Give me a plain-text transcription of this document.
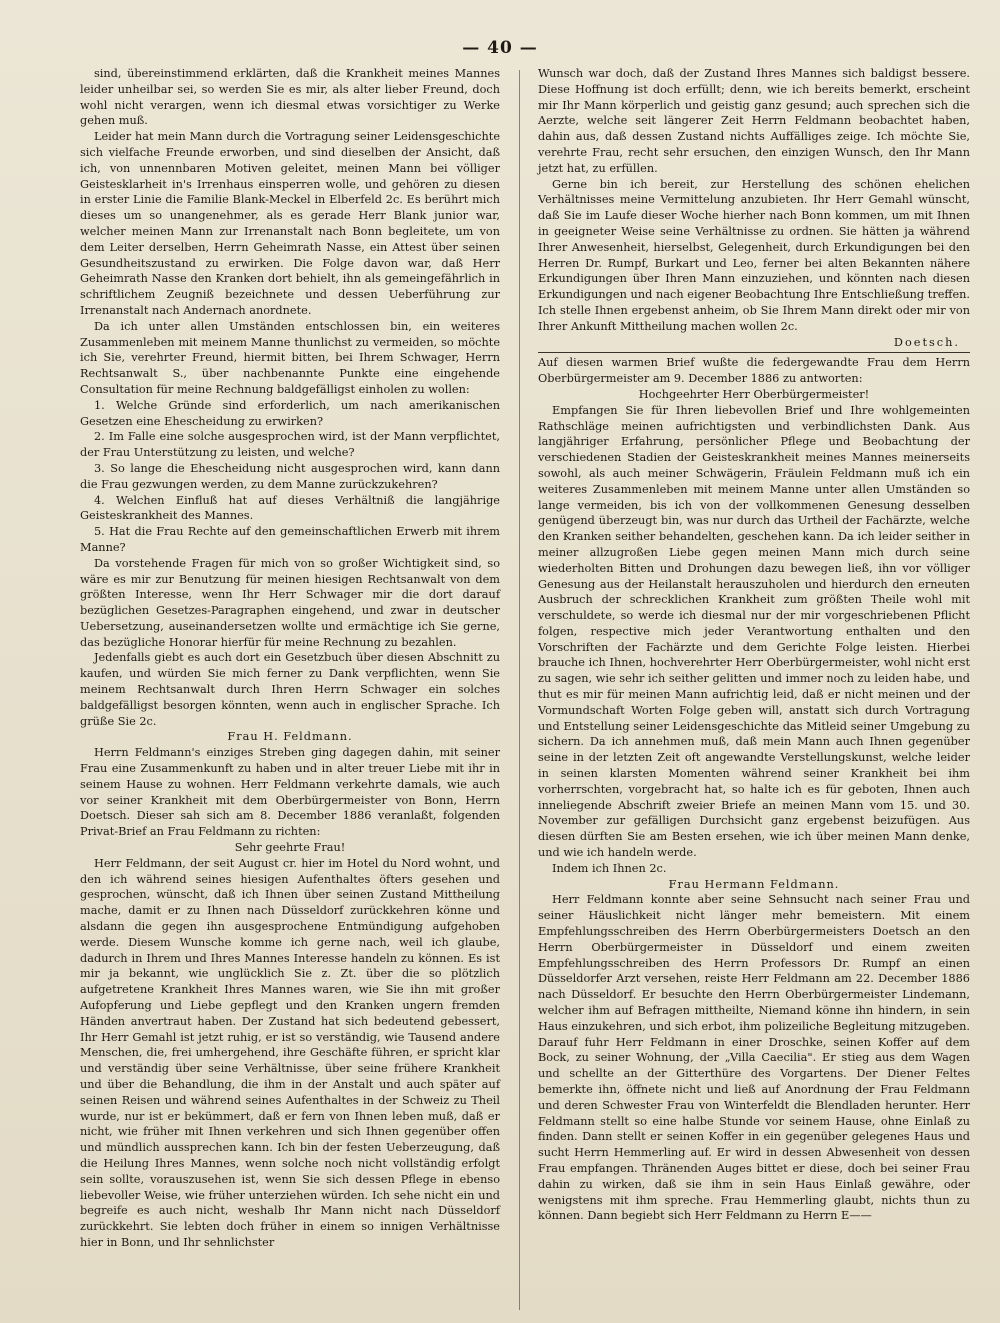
— 40 —

sind, übereinstimmend erklärten, daß die Krankheit meines Mannes leider unheilbar sei, so werden Sie es mir, als alter lieber Freund, doch wohl nicht verargen, wenn ich diesmal etwas vorsichtiger zu Werke gehen muß.

Leider hat mein Mann durch die Vortragung seiner Leidensgeschichte sich vielfache Freunde erworben, und sind dieselben der Ansicht, daß ich, von unnennbaren Motiven geleitet, meinen Mann bei völliger Geistesklarheit in's Irrenhaus einsperren wolle, und gehören zu diesen in erster Linie die Familie Blank-Meckel in Elberfeld 2c. Es berührt mich dieses um so unangenehmer, als es gerade Herr Blank junior war, welcher meinen Mann zur Irrenanstalt nach Bonn begleitete, um von dem Leiter derselben, Herrn Geheimrath Nasse, ein Attest über seinen Gesundheitszustand zu erwirken. Die Folge davon war, daß Herr Geheimrath Nasse den Kranken dort behielt, ihn als gemeingefährlich in schriftlichem Zeugniß bezeichnete und dessen Ueberführung zur Irrenanstalt nach Andernach anordnete.

Da ich unter allen Umständen entschlossen bin, ein weiteres Zusammenleben mit meinem Manne thunlichst zu vermeiden, so möchte ich Sie, verehrter Freund, hiermit bitten, bei Ihrem Schwager, Herrn Rechtsanwalt S., über nachbenannte Punkte eine eingehende Consultation für meine Rechnung baldgefälligst einholen zu wollen:

1. Welche Gründe sind erforderlich, um nach amerikanischen Gesetzen eine Ehescheidung zu erwirken?

2. Im Falle eine solche ausgesprochen wird, ist der Mann verpflichtet, der Frau Unterstützung zu leisten, und welche?

3. So lange die Ehescheidung nicht ausgesprochen wird, kann dann die Frau gezwungen werden, zu dem Manne zurückzukehren?

4. Welchen Einfluß hat auf dieses Verhältniß die langjährige Geisteskrankheit des Mannes.

5. Hat die Frau Rechte auf den gemeinschaftlichen Erwerb mit ihrem Manne?

Da vorstehende Fragen für mich von so großer Wichtigkeit sind, so wäre es mir zur Benutzung für meinen hiesigen Rechtsanwalt von dem größten Interesse, wenn Ihr Herr Schwager mir die dort darauf bezüglichen Gesetzes-Paragraphen eingehend, und zwar in deutscher Uebersetzung, auseinandersetzen wollte und ermächtige ich Sie gerne, das bezügliche Honorar hierfür für meine Rechnung zu bezahlen.

Jedenfalls giebt es auch dort ein Gesetzbuch über diesen Abschnitt zu kaufen, und würden Sie mich ferner zu Dank verpflichten, wenn Sie meinem Rechtsanwalt durch Ihren Herrn Schwager ein solches baldgefälligst besorgen könnten, wenn auch in englischer Sprache. Ich grüße Sie 2c.

Frau H. Feldmann.

Herrn Feldmann's einziges Streben ging dagegen dahin, mit seiner Frau eine Zusammenkunft zu haben und in alter treuer Liebe mit ihr in seinem Hause zu wohnen. Herr Feldmann verkehrte damals, wie auch vor seiner Krankheit mit dem Oberbürgermeister von Bonn, Herrn Doetsch. Dieser sah sich am 8. December 1886 veranlaßt, folgenden Privat-Brief an Frau Feldmann zu richten:

Sehr geehrte Frau!

Herr Feldmann, der seit August cr. hier im Hotel du Nord wohnt, und den ich während seines hiesigen Aufenthaltes öfters gesehen und gesprochen, wünscht, daß ich Ihnen über seinen Zustand Mittheilung mache, damit er zu Ihnen nach Düsseldorf zurückkehren könne und alsdann die gegen ihn ausgesprochene Entmündigung aufgehoben werde. Diesem Wunsche komme ich gerne nach, weil ich glaube, dadurch in Ihrem und Ihres Mannes Interesse handeln zu können. Es ist mir ja bekannt, wie unglücklich Sie z. Zt. über die so plötzlich aufgetretene Krankheit Ihres Mannes waren, wie Sie ihn mit großer Aufopferung und Liebe gepflegt und den Kranken ungern fremden Händen anvertraut haben. Der Zustand hat sich bedeutend gebessert, Ihr Herr Gemahl ist jetzt ruhig, er ist so verständig, wie Tausend andere Menschen, die, frei umhergehend, ihre Geschäfte führen, er spricht klar und verständig über seine Verhältnisse, über seine frühere Krankheit und über die Behandlung, die ihm in der Anstalt und auch später auf seinen Reisen und während seines Aufenthaltes in der Schweiz zu Theil wurde, nur ist er bekümmert, daß er fern von Ihnen leben muß, daß er nicht, wie früher mit Ihnen verkehren und sich Ihnen gegenüber offen und mündlich aussprechen kann. Ich bin der festen Ueberzeugung, daß die Heilung Ihres Mannes, wenn solche noch nicht vollständig erfolgt sein sollte, vorauszusehen ist, wenn Sie sich dessen Pflege in ebenso liebevoller Weise, wie früher unterziehen würden. Ich sehe nicht ein und begreife es auch nicht, weshalb Ihr Mann nicht nach Düsseldorf zurückkehrt. Sie lebten doch früher in einem so innigen Verhältnisse hier in Bonn, und Ihr sehnlichster

Wunsch war doch, daß der Zustand Ihres Mannes sich baldigst bessere. Diese Hoffnung ist doch erfüllt; denn, wie ich bereits bemerkt, erscheint mir Ihr Mann körperlich und geistig ganz gesund; auch sprechen sich die Aerzte, welche seit längerer Zeit Herrn Feldmann beobachtet haben, dahin aus, daß dessen Zustand nichts Auffälliges zeige. Ich möchte Sie, verehrte Frau, recht sehr ersuchen, den einzigen Wunsch, den Ihr Mann jetzt hat, zu erfüllen.

Gerne bin ich bereit, zur Herstellung des schönen ehelichen Verhältnisses meine Vermittelung anzubieten. Ihr Herr Gemahl wünscht, daß Sie im Laufe dieser Woche hierher nach Bonn kommen, um mit Ihnen in geeigneter Weise seine Verhältnisse zu ordnen. Sie hätten ja während Ihrer Anwesenheit, hierselbst, Gelegenheit, durch Erkundigungen bei den Herren Dr. Rumpf, Burkart und Leo, ferner bei alten Bekannten nähere Erkundigungen über Ihren Mann einzuziehen, und könnten nach diesen Erkundigungen und nach eigener Beobachtung Ihre Entschließung treffen. Ich stelle Ihnen ergebenst anheim, ob Sie Ihrem Mann direkt oder mir von Ihrer Ankunft Mittheilung machen wollen 2c.

Doetsch.

Auf diesen warmen Brief wußte die federgewandte Frau dem Herrn Oberbürgermeister am 9. December 1886 zu antworten:

Hochgeehrter Herr Oberbürgermeister!

Empfangen Sie für Ihren liebevollen Brief und Ihre wohlgemeinten Rathschläge meinen aufrichtigsten und verbindlichsten Dank. Aus langjähriger Erfahrung, persönlicher Pflege und Beobachtung der verschiedenen Stadien der Geisteskrankheit meines Mannes meinerseits sowohl, als auch meiner Schwägerin, Fräulein Feldmann muß ich ein weiteres Zusammenleben mit meinem Manne unter allen Umständen so lange vermeiden, bis ich von der vollkommenen Genesung desselben genügend überzeugt bin, was nur durch das Urtheil der Fachärzte, welche den Kranken seither behandelten, geschehen kann. Da ich leider seither in meiner allzugroßen Liebe gegen meinen Mann mich durch seine wiederholten Bitten und Drohungen dazu bewegen ließ, ihn vor völliger Genesung aus der Heilanstalt herauszuholen und hierdurch den erneuten Ausbruch der schrecklichen Krankheit zum größten Theile wohl mit verschuldete, so werde ich diesmal nur der mir vorgeschriebenen Pflicht folgen, respective mich jeder Verantwortung enthalten und den Vorschriften der Fachärzte und dem Gerichte Folge leisten. Hierbei brauche ich Ihnen, hochverehrter Herr Oberbürgermeister, wohl nicht erst zu sagen, wie sehr ich seither gelitten und immer noch zu leiden habe, und thut es mir für meinen Mann aufrichtig leid, daß er nicht meinen und der Vormundschaft Worten Folge geben will, anstatt sich durch Vortragung und Entstellung seiner Leidensgeschichte das Mitleid seiner Umgebung zu sichern. Da ich annehmen muß, daß mein Mann auch Ihnen gegenüber seine in der letzten Zeit oft angewandte Verstellungskunst, welche leider in seinen klarsten Momenten während seiner Krankheit bei ihm vorherrschten, vorgebracht hat, so halte ich es für geboten, Ihnen auch inneliegende Abschrift zweier Briefe an meinen Mann vom 15. und 30. November zur gefälligen Durchsicht ganz ergebenst beizufügen. Aus diesen dürften Sie am Besten ersehen, wie ich über meinen Mann denke, und wie ich handeln werde.

Indem ich Ihnen 2c.

Frau Hermann Feldmann.

Herr Feldmann konnte aber seine Sehnsucht nach seiner Frau und seiner Häuslichkeit nicht länger mehr bemeistern. Mit einem Empfehlungsschreiben des Herrn Oberbürgermeisters Doetsch an den Herrn Oberbürgermeister in Düsseldorf und einem zweiten Empfehlungsschreiben des Herrn Professors Dr. Rumpf an einen Düsseldorfer Arzt versehen, reiste Herr Feldmann am 22. December 1886 nach Düsseldorf. Er besuchte den Herrn Oberbürgermeister Lindemann, welcher ihm auf Befragen mittheilte, Niemand könne ihn hindern, in sein Haus einzukehren, und sich erbot, ihm polizeiliche Begleitung mitzugeben. Darauf fuhr Herr Feldmann in einer Droschke, seinen Koffer auf dem Bock, zu seiner Wohnung, der „Villa Caecilia". Er stieg aus dem Wagen und schellte an der Gitterthüre des Vorgartens. Der Diener Feltes bemerkte ihn, öffnete nicht und ließ auf Anordnung der Frau Feldmann und deren Schwester Frau von Winterfeldt die Blendladen herunter. Herr Feldmann stellt so eine halbe Stunde vor seinem Hause, ohne Einlaß zu finden. Dann stellt er seinen Koffer in ein gegenüber gelegenes Haus und sucht Herrn Hemmerling auf. Er wird in dessen Abwesenheit von dessen Frau empfangen. Thränenden Auges bittet er diese, doch bei seiner Frau dahin zu wirken, daß sie ihm in sein Haus Einlaß gewähre, oder wenigstens mit ihm spreche. Frau Hemmerling glaubt, nichts thun zu können. Dann begiebt sich Herr Feldmann zu Herrn E——
